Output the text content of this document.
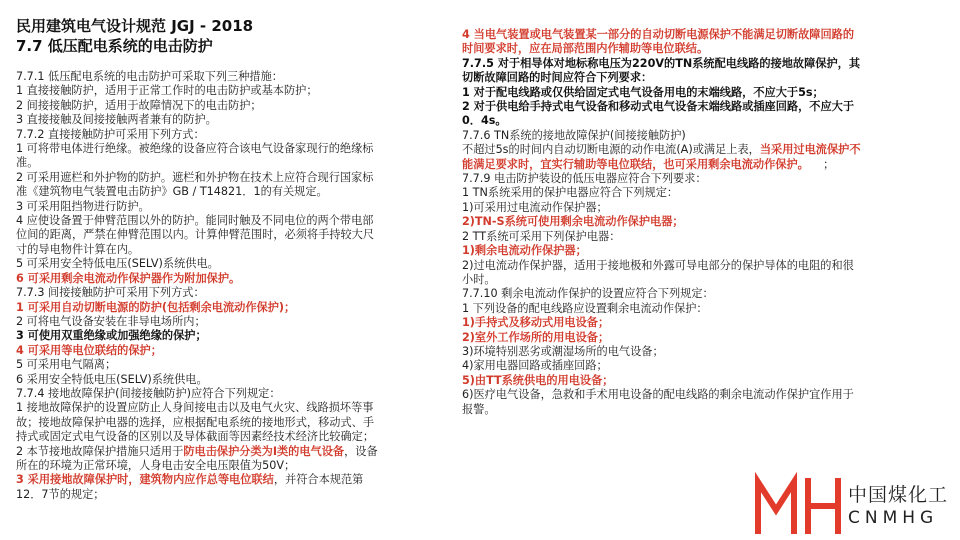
民用建筑电气设计规范 JGJ - 2018
7.7 低压配电系统的电击防护
7.7.1 低压配电系统的电击防护可采取下列三种措施：
1 直接接触防护，适用于正常工作时的电击防护或基本防护；
2 间接接触防护，适用于故障情况下的电击防护；
3 直接接触及间接接触两者兼有的防护。
7.7.2 直接接触防护可采用下列方式：
1 可将带电体进行绝缘。被绝缘的设备应符合该电气设备家现行的绝缘标
准。
2 可采用遮栏和外护物的防护。遮栏和外护物在技术上应符合现行国家标
准《建筑物电气装置电击防护》GB / T14821．1的有关规定。
3 可采用阻挡物进行防护。
4 应使设备置于伸臂范围以外的防护。能同时触及不同电位的两个带电部
位间的距离，严禁在伸臂范围以内。计算伸臂范围时，必须将手持较大尺
寸的导电物件计算在内。
5 可采用安全特低电压(SELV)系统供电。
6 可采用剩余电流动作保护器作为附加保护。
7.7.3 间接接触防护可采用下列方式：
1 可采用自动切断电源的防护(包括剩余电流动作保护)；
2 可将电气设备安装在非导电场所内；
3 可使用双重绝缘或加强绝缘的保护；
4 可采用等电位联结的保护；
5 可采用电气隔离；
6 采用安全特低电压(SELV)系统供电。
7.7.4 接地故障保护(间接接触防护)应符合下列规定：
1 接地故障保护的设置应防止人身间接电击以及电气火灾、线路损坏等事
故；接地故障保护电器的选择，应根据配电系统的接地形式，移动式、手
持式或固定式电气设备的区别以及导体截面等因素经技术经济比较确定；
2 本节接地故障保护措施只适用于防电击保护分类为I类的电气设备，设备
所在的环境为正常环境，人身电击安全电压限值为50V；
3 采用接地故障保护时，建筑物内应作总等电位联结，并符合本规范第
12．7节的规定；
4 当电气装置或电气装置某一部分的自动切断电源保护不能满足切断故障回路的
时间要求时，应在局部范围内作辅助等电位联结。
7.7.5 对于相导体对地标称电压为220V的TN系统配电线路的接地故障保护，其
切断故障回路的时间应符合下列要求：
1 对于配电线路或仅供给固定式电气设备用电的末端线路，不应大于5s；
2 对于供电给手持式电气设备和移动式电气设备末端线路或插座回路，不应大于
0．4s。
7.7.6 TN系统的接地故障保护(间接接触防护)
不超过5s的时间内自动切断电源的动作电流(A)或满足上表，当采用过电流保护不
能满足要求时，宜实行辅助等电位联结，也可采用剩余电流动作保护。 ；
7.7.9 电击防护装设的低压电器应符合下列要求：
1 TN系统采用的保护电器应符合下列规定：
1)可采用过电流动作保护器；
2)TN-S系统可使用剩余电流动作保护电器；
2 TT系统可采用下列保护电器：
1)剩余电流动作保护器；
2)过电流动作保护器，适用于接地极和外露可导电部分的保护导体的电阻的和很
小时。
7.7.10 剩余电流动作保护的设置应符合下列规定：
1 下列设备的配电线路应设置剩余电流动作保护：
1)手持式及移动式用电设备；
2)室外工作场所的用电设备；
3)环境特别恶劣或潮湿场所的电气设备；
4)家用电器回路或插座回路；
5)由TT系统供电的用电设备；
6)医疗电气设备，急救和手术用电设备的配电线路的剩余电流动作保护宜作用于
报警。
中国煤化工
CNMHG
